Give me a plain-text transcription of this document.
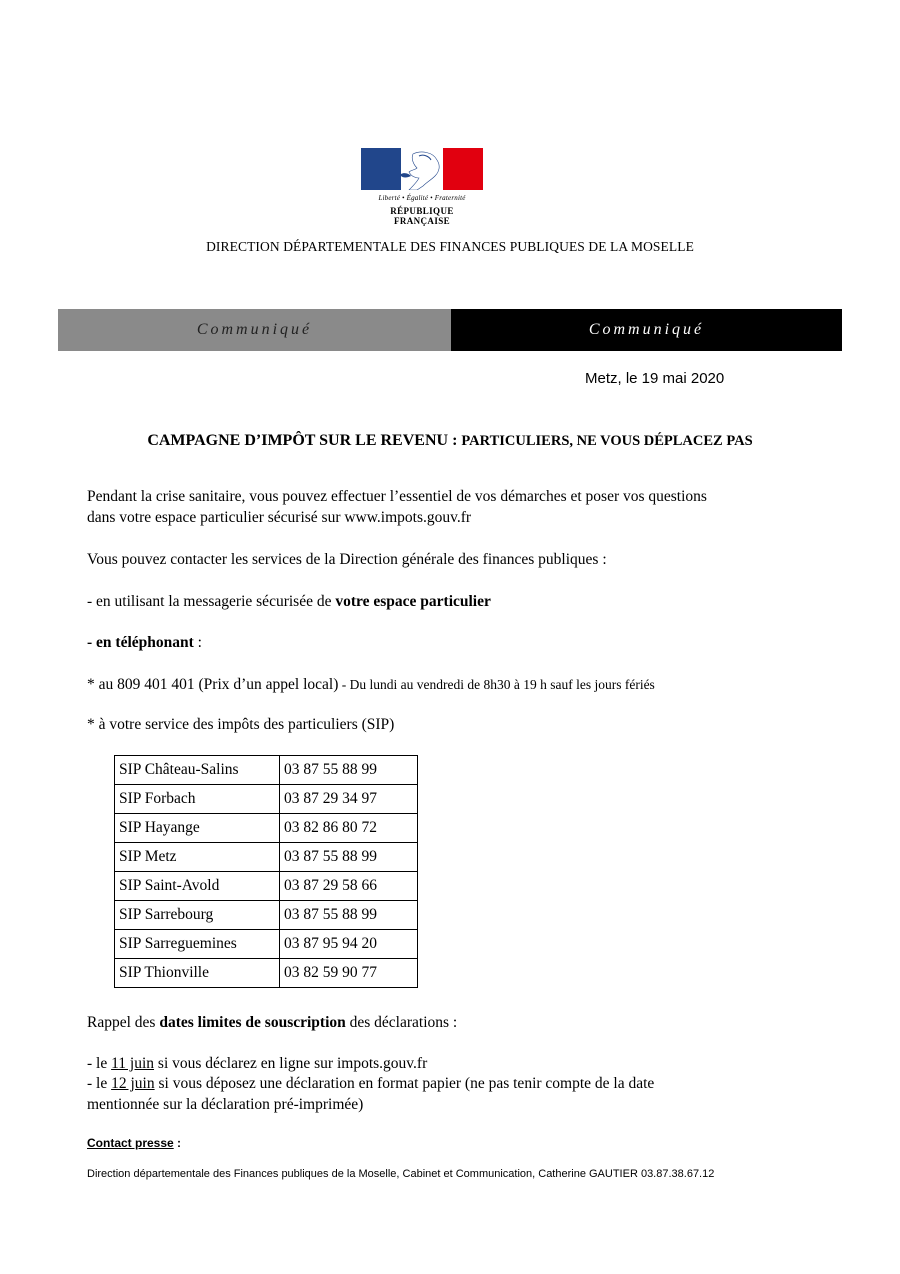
Liberté • Égalité • Fraternité
RÉPUBLIQUE FRANÇAISE
DIRECTION DÉPARTEMENTALE DES FINANCES PUBLIQUES DE LA MOSELLE
Communiqué	Communiqué
Metz, le 19 mai 2020
CAMPAGNE D’IMPÔT SUR LE REVENU : PARTICULIERS, NE VOUS DÉPLACEZ PAS
Pendant la crise sanitaire, vous pouvez effectuer l’essentiel de vos démarches et poser vos questions
dans votre espace particulier sécurisé sur www.impots.gouv.fr
Vous pouvez contacter les services de la Direction générale des finances publiques :
- en utilisant la messagerie sécurisée de votre espace particulier
- en téléphonant :
* au 809 401 401 (Prix d’un appel local) - Du lundi au vendredi de 8h30 à 19 h sauf les jours fériés
* à votre service des impôts des particuliers (SIP)
SIP Château-Salins	03 87 55 88 99
SIP Forbach	03 87 29 34 97
SIP Hayange	03 82 86 80 72
SIP Metz	03 87 55 88 99
SIP Saint-Avold	03 87 29 58 66
SIP Sarrebourg	03 87 55 88 99
SIP Sarreguemines	03 87 95 94 20
SIP Thionville	03 82 59 90 77
Rappel des dates limites de souscription des déclarations :
- le 11 juin si vous déclarez en ligne sur impots.gouv.fr
- le 12 juin si vous déposez une déclaration en format papier (ne pas tenir compte de la date
mentionnée sur la déclaration pré-imprimée)
Contact presse :
Direction départementale des Finances publiques de la Moselle, Cabinet et Communication, Catherine GAUTIER 03.87.38.67.12
